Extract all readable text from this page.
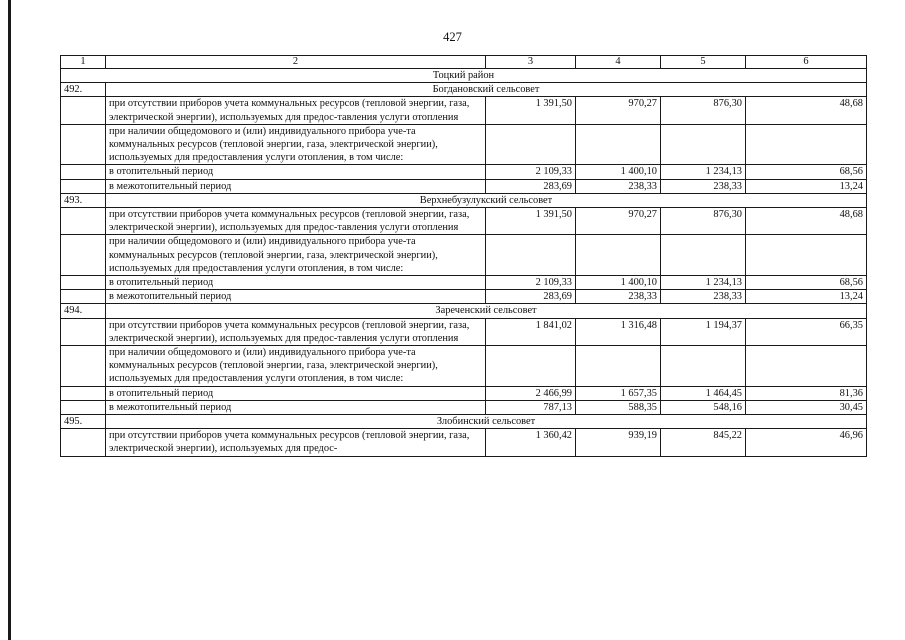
427
1	2	3	4	5	6
Тоцкий район					
492.	Богдановский сельсовет				
	при отсутствии приборов учета коммунальных ресурсов (тепловой энергии, газа, электрической энергии), используемых для предос-тавления услуги отопления	1 391,50	970,27	876,30	48,68
	при наличии общедомового и (или) индивидуального прибора уче-та коммунальных ресурсов (тепловой энергии, газа, электрической энергии), используемых для предоставления услуги отопления, в том числе:				
	в отопительный период	2 109,33	1 400,10	1 234,13	68,56
	в межотопительный период	283,69	238,33	238,33	13,24
493.	Верхнебузулукский сельсовет				
	при отсутствии приборов учета коммунальных ресурсов (тепловой энергии, газа, электрической энергии), используемых для предос-тавления услуги отопления	1 391,50	970,27	876,30	48,68
	при наличии общедомового и (или) индивидуального прибора уче-та коммунальных ресурсов (тепловой энергии, газа, электрической энергии), используемых для предоставления услуги отопления, в том числе:				
	в отопительный период	2 109,33	1 400,10	1 234,13	68,56
	в межотопительный период	283,69	238,33	238,33	13,24
494.	Зареченский сельсовет				
	при отсутствии приборов учета коммунальных ресурсов (тепловой энергии, газа, электрической энергии), используемых для предос-тавления услуги отопления	1 841,02	1 316,48	1 194,37	66,35
	при наличии общедомового и (или) индивидуального прибора уче-та коммунальных ресурсов (тепловой энергии, газа, электрической энергии), используемых для предоставления услуги отопления, в том числе:				
	в отопительный период	2 466,99	1 657,35	1 464,45	81,36
	в межотопительный период	787,13	588,35	548,16	30,45
495.	Злобинский сельсовет				
	при отсутствии приборов учета коммунальных ресурсов (тепловой энергии, газа, электрической энергии), используемых для предос-	1 360,42	939,19	845,22	46,96
